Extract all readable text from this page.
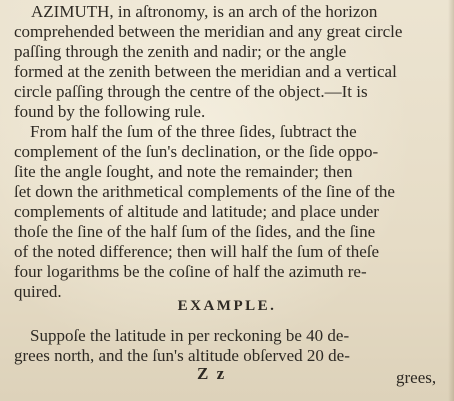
AZIMUTH, in aſtronomy, is an arch of the horizon
comprehended between the meridian and any great circle
paſſing through the zenith and nadir; or the angle
formed at the zenith between the meridian and a vertical
circle paſſing through the centre of the object.—It is
found by the following rule.
From half the ſum of the three ſides, ſubtract the
complement of the ſun's declination, or the ſide oppo-
ſite the angle ſought, and note the remainder; then
ſet down the arithmetical complements of the ſine of the
complements of altitude and latitude; and place under
thoſe the ſine of the half ſum of the ſides, and the ſine
of the noted difference; then will half the ſum of theſe
four logarithms be the coſine of half the azimuth re-
quired.
EXAMPLE.
Suppoſe the latitude in per reckoning be 40 de-
grees north, and the ſun's altitude obſerved 20 de-
Z z	grees,
